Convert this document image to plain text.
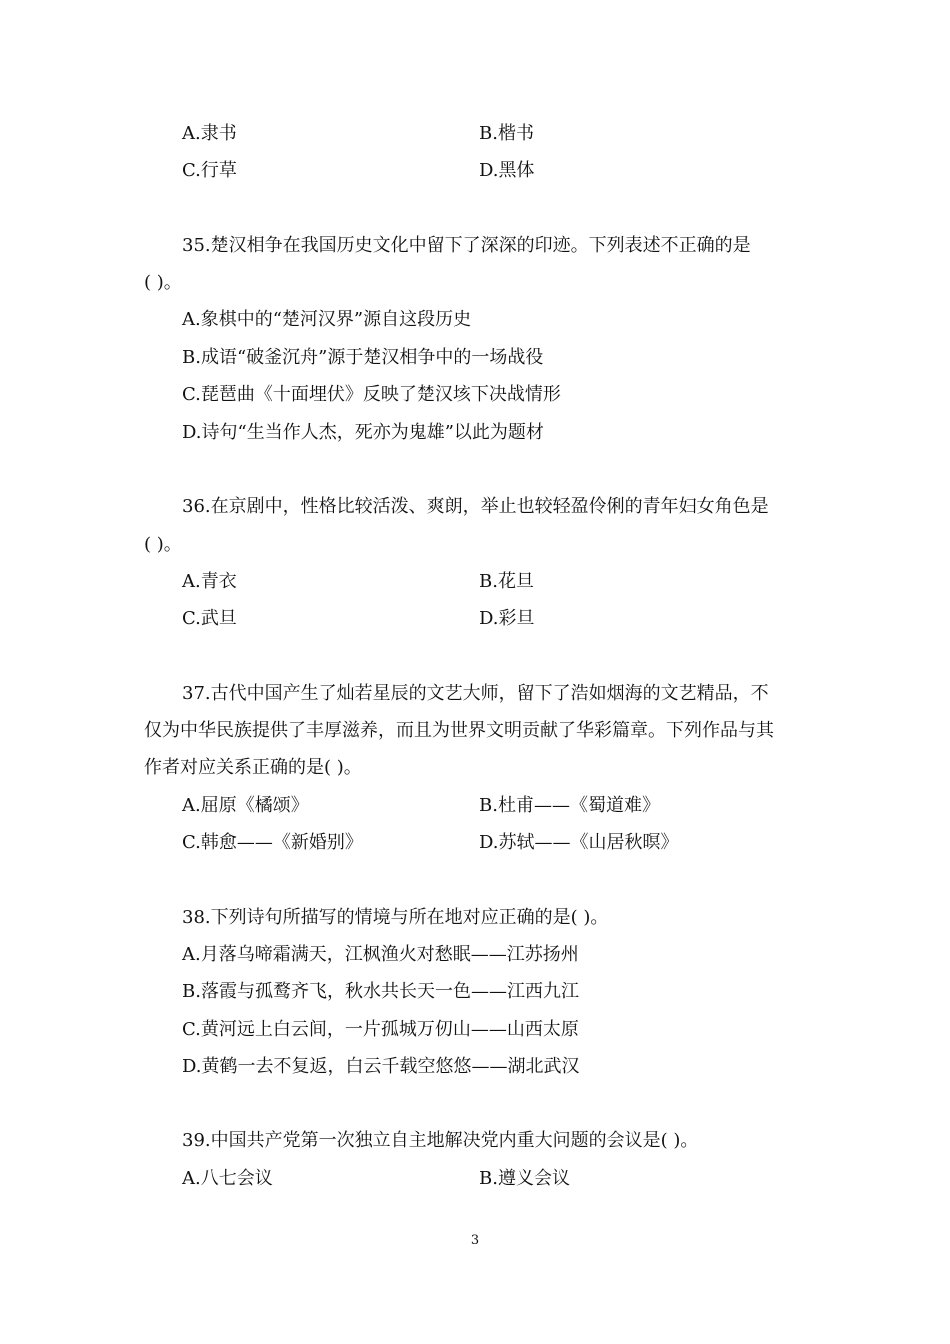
A.隶书	B.楷书
C.行草	D.黑体
35.楚汉相争在我国历史文化中留下了深深的印迹。下列表述不正确的是
( )。
A.象棋中的“楚河汉界”源自这段历史
B.成语“破釜沉舟”源于楚汉相争中的一场战役
C.琵琶曲《十面埋伏》反映了楚汉垓下决战情形
D.诗句“生当作人杰，死亦为鬼雄”以此为题材
36.在京剧中，性格比较活泼、爽朗，举止也较轻盈伶俐的青年妇女角色是
( )。
A.青衣	B.花旦
C.武旦	D.彩旦
37.古代中国产生了灿若星辰的文艺大师，留下了浩如烟海的文艺精品，不
仅为中华民族提供了丰厚滋养，而且为世界文明贡献了华彩篇章。下列作品与其
作者对应关系正确的是( )。
A.屈原《橘颂》	B.杜甫——《蜀道难》
C.韩愈——《新婚别》	D.苏轼——《山居秋暝》
38.下列诗句所描写的情境与所在地对应正确的是( )。
A.月落乌啼霜满天，江枫渔火对愁眠——江苏扬州
B.落霞与孤鹜齐飞，秋水共长天一色——江西九江
C.黄河远上白云间，一片孤城万仞山——山西太原
D.黄鹤一去不复返，白云千载空悠悠——湖北武汉
39.中国共产党第一次独立自主地解决党内重大问题的会议是( )。
A.八七会议	B.遵义会议
3
